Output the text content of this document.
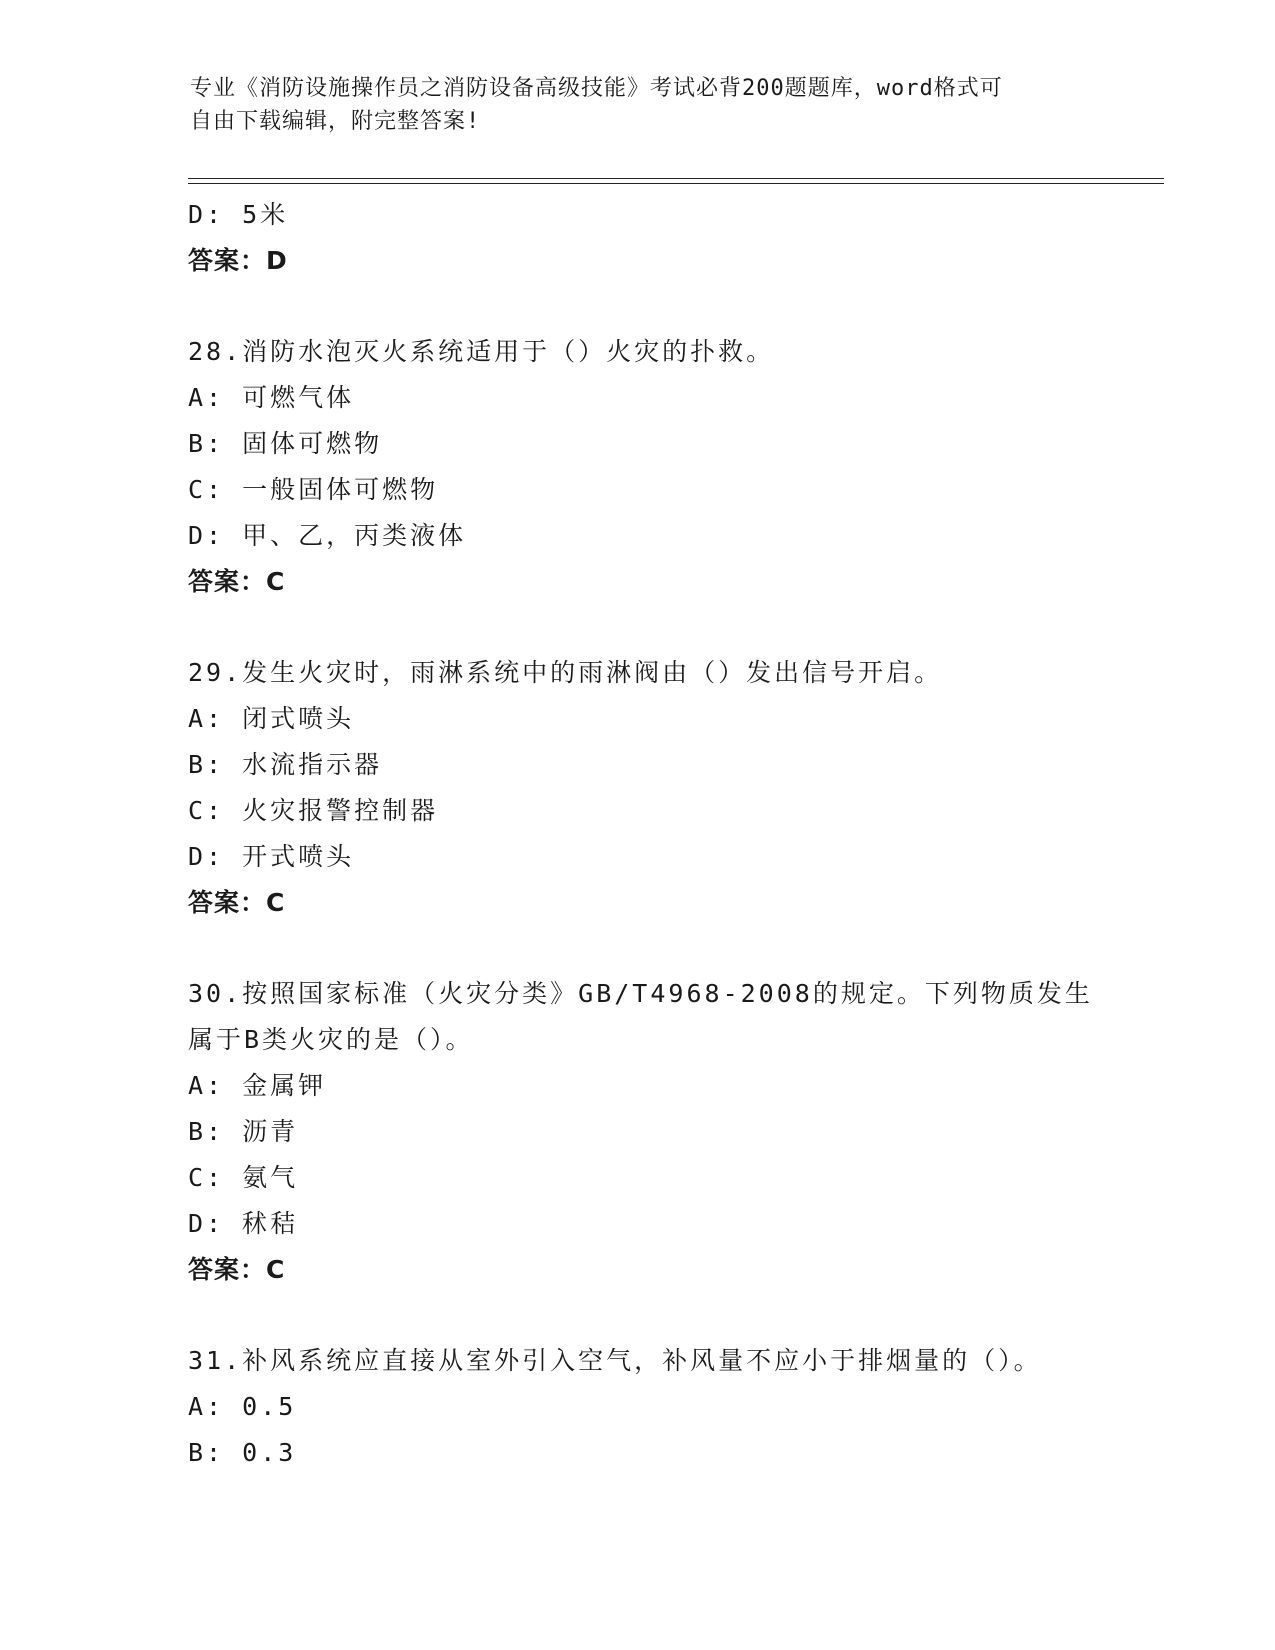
专业《消防设施操作员之消防设备高级技能》考试必背200题题库，word格式可
自由下载编辑，附完整答案!
D: 5米
答案：D
28.消防水泡灭火系统适用于（）火灾的扑救。
A: 可燃气体
B: 固体可燃物
C: 一般固体可燃物
D: 甲、乙，丙类液体
答案：C
29.发生火灾时，雨淋系统中的雨淋阀由（）发出信号开启。
A: 闭式喷头
B: 水流指示器
C: 火灾报警控制器
D: 开式喷头
答案：C
30.按照国家标准（火灾分类》GB/T4968-2008的规定。下列物质发生
属于B类火灾的是（）。
A: 金属钾
B: 沥青
C: 氨气
D: 秫秸
答案：C
31.补风系统应直接从室外引入空气，补风量不应小于排烟量的（）。
A: 0.5
B: 0.3
